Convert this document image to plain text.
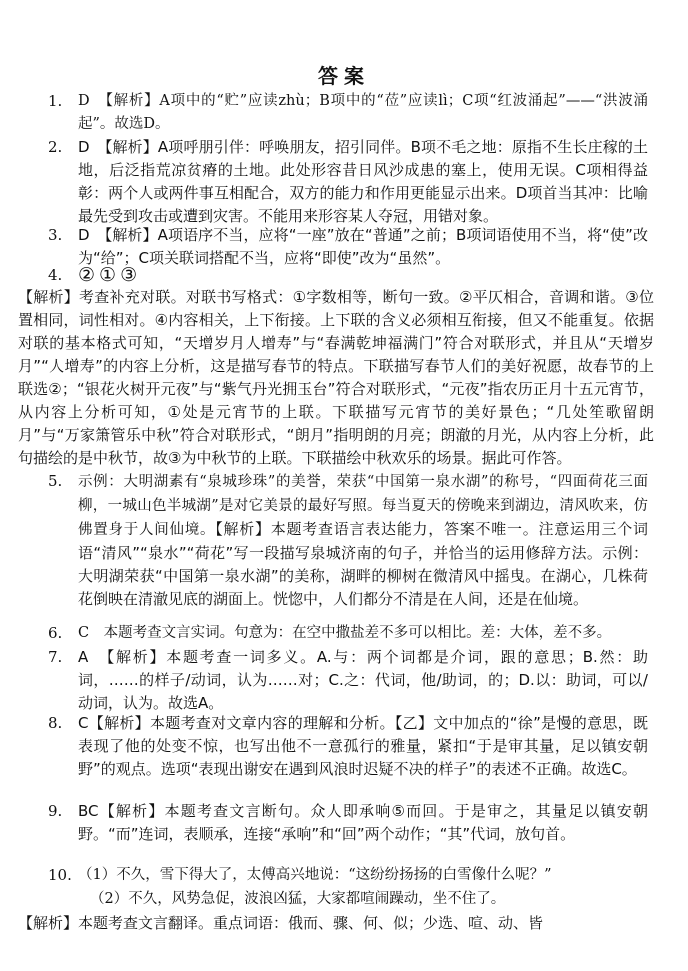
答案
1.	D　【解析】A项中的“贮”应读zhù；B项中的“莅”应读lì；C项“红波涌起”——“洪波涌起”。故选D。
2.	D　【解析】A项呼朋引伴：呼唤朋友，招引同伴。B项不毛之地：原指不生长庄稼的土地，后泛指荒凉贫瘠的土地。此处形容昔日风沙成患的塞上，使用无误。C项相得益彰：两个人或两件事互相配合，双方的能力和作用更能显示出来。D项首当其冲：比喻最先受到攻击或遭到灾害。不能用来形容某人夺冠，用错对象。
3.	D　【解析】A项语序不当，应将“一座”放在“普通”之前；B项词语使用不当，将“使”改为“给”；C项关联词搭配不当，应将“即使”改为“虽然”。
4. ②①③
【解析】考查补充对联。对联书写格式：①字数相等，断句一致。②平仄相合，音调和谐。③位置相同，词性相对。④内容相关，上下衔接。上下联的含义必须相互衔接，但又不能重复。依据对联的基本格式可知，“天增岁月人增寿”与“春满乾坤福满门”符合对联形式，并且从“天增岁月”“人增寿”的内容上分析，这是描写春节的特点。下联描写春节人们的美好祝愿，故春节的上联选②；“银花火树开元夜”与“紫气丹光拥玉台”符合对联形式，“元夜”指农历正月十五元宵节，从内容上分析可知，①处是元宵节的上联。下联描写元宵节的美好景色；“几处笙歌留朗月”与“万家箫管乐中秋”符合对联形式，“朗月”指明朗的月亮；朗澈的月光，从内容上分析，此句描绘的是中秋节，故③为中秋节的上联。下联描绘中秋欢乐的场景。据此可作答。
5.	示例：大明湖素有“泉城珍珠”的美誉，荣获“中国第一泉水湖”的称号，“四面荷花三面柳，一城山色半城湖”是对它美景的最好写照。每当夏天的傍晚来到湖边，清风吹来，仿佛置身于人间仙境。【解析】本题考查语言表达能力，答案不唯一。注意运用三个词语“清风”“泉水”“荷花”写一段描写泉城济南的句子，并恰当的运用修辞方法。示例：大明湖荣获“中国第一泉水湖”的美称，湖畔的柳树在微清风中摇曳。在湖心，几株荷花倒映在清澈见底的湖面上。恍惚中，人们都分不清是在人间，还是在仙境。
6.	C　本题考查文言实词。句意为：在空中撒盐差不多可以相比。差：大体，差不多。
7.	A　【解析】本题考查一词多义。A.与：两个词都是介词，跟的意思；B.然：助词，……的样子/动词，认为……对；C.之：代词，他/助词，的；D.以：助词，可以/动词，认为。故选A。
8.	C【解析】本题考查对文章内容的理解和分析。【乙】文中加点的“徐”是慢的意思，既表现了他的处变不惊，也写出他不一意孤行的雅量，紧扣“于是审其量，足以镇安朝野”的观点。选项“表现出谢安在遇到风浪时迟疑不决的样子”的表述不正确。故选C。
9.	BC【解析】本题考查文言断句。众人即承响⑤而回。于是审之，其量足以镇安朝野。“而”连词，表顺承，连接“承响”和“回”两个动作；“其”代词，放句首。
10. （1）不久，雪下得大了，太傅高兴地说：“这纷纷扬扬的白雪像什么呢？”
（2）不久，风势急促，波浪凶猛，大家都喧闹躁动，坐不住了。
【解析】本题考查文言翻译。重点词语：俄而、骤、何、似；少选、喧、动、皆
